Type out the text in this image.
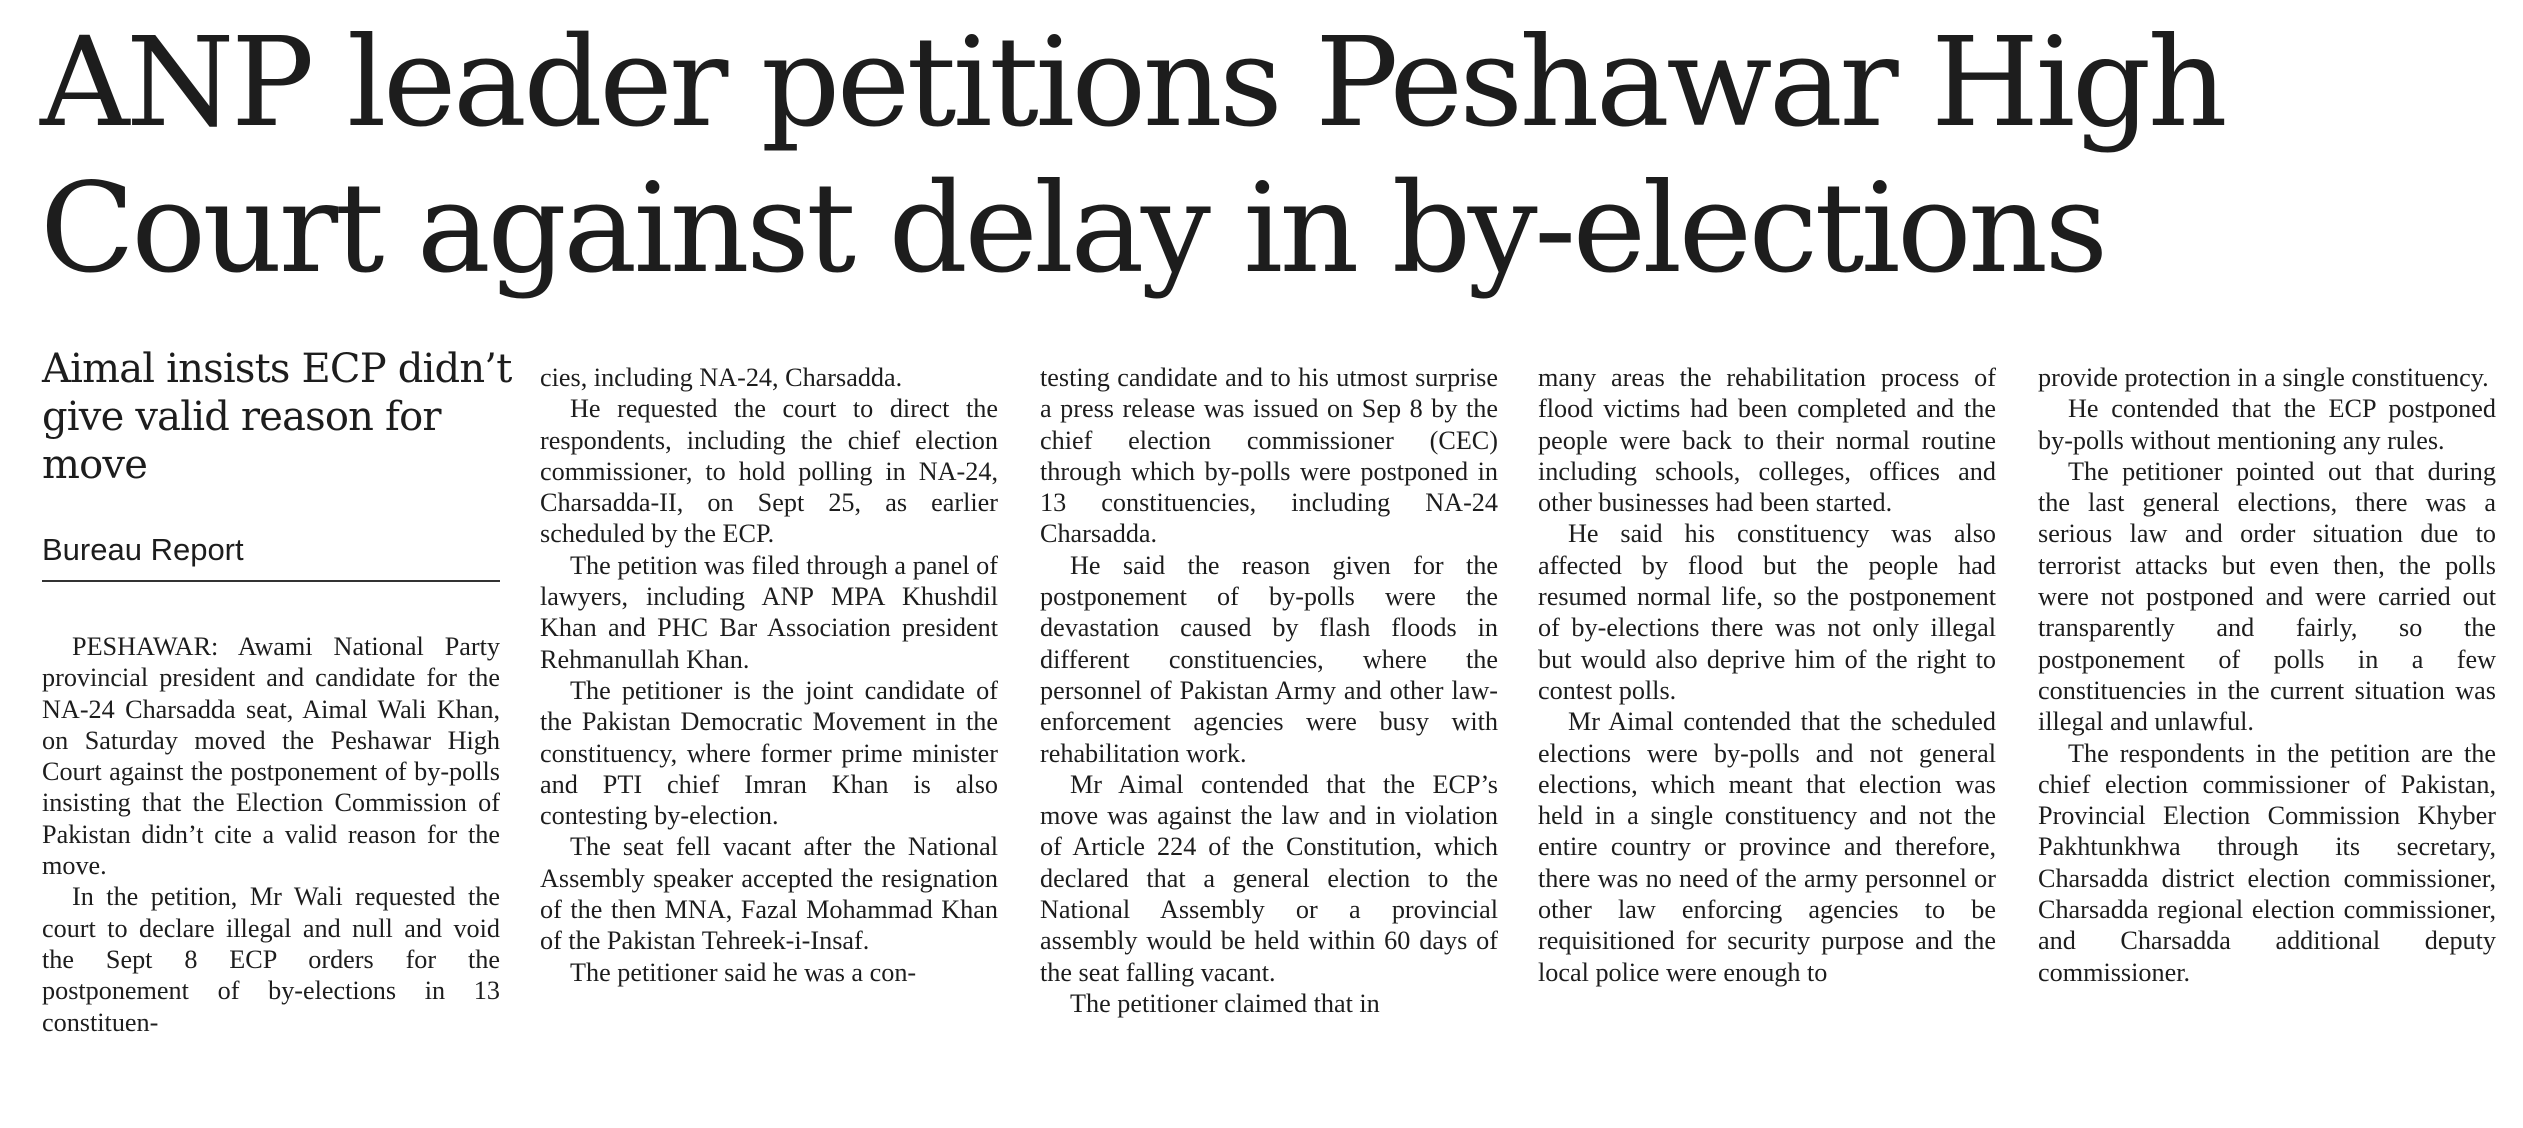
ANP leader petitions Peshawar High Court against delay in by-elections
Aimal insists ECP didn’t give valid reason for move
Bureau Report

PESHAWAR: Awami National Party provincial president and candidate for the NA-24 Charsadda seat, Aimal Wali Khan, on Saturday moved the Peshawar High Court against the postponement of by-polls insisting that the Election Commission of Pakistan didn’t cite a valid reason for the move.

In the petition, Mr Wali requested the court to declare illegal and null and void the Sept 8 ECP orders for the postponement of by-elections in 13 constituen-

cies, including NA-24, Charsadda.

He requested the court to direct the respondents, including the chief election commissioner, to hold polling in NA-24, Charsadda-II, on Sept 25, as earlier scheduled by the ECP.

The petition was filed through a panel of lawyers, including ANP MPA Khushdil Khan and PHC Bar Association president Rehmanullah Khan.

The petitioner is the joint candidate of the Pakistan Democratic Movement in the constituency, where former prime minister and PTI chief Imran Khan is also contesting by-election.

The seat fell vacant after the National Assembly speaker accepted the resignation of the then MNA, Fazal Mohammad Khan of the Pakistan Tehreek-i-Insaf.

The petitioner said he was a con-

testing candidate and to his utmost surprise a press release was issued on Sep 8 by the chief election commissioner (CEC) through which by-polls were postponed in 13 constituencies, including NA-24 Charsadda.

He said the reason given for the postponement of by-polls were the devastation caused by flash floods in different constituencies, where the personnel of Pakistan Army and other law-enforcement agencies were busy with rehabilitation work.

Mr Aimal contended that the ECP’s move was against the law and in violation of Article 224 of the Constitution, which declared that a general election to the National Assembly or a provincial assembly would be held within 60 days of the seat falling vacant.

The petitioner claimed that in

many areas the rehabilitation process of flood victims had been completed and the people were back to their normal routine including schools, colleges, offices and other businesses had been started.

He said his constituency was also affected by flood but the people had resumed normal life, so the postponement of by-elections there was not only illegal but would also deprive him of the right to contest polls.

Mr Aimal contended that the scheduled elections were by-polls and not general elections, which meant that election was held in a single constituency and not the entire country or province and therefore, there was no need of the army personnel or other law enforcing agencies to be requisitioned for security purpose and the local police were enough to

provide protection in a single constituency.

He contended that the ECP postponed by-polls without mentioning any rules.

The petitioner pointed out that during the last general elections, there was a serious law and order situation due to terrorist attacks but even then, the polls were not postponed and were carried out transparently and fairly, so the postponement of polls in a few constituencies in the current situation was illegal and unlawful.

The respondents in the petition are the chief election commissioner of Pakistan, Provincial Election Commission Khyber Pakhtunkhwa through its secretary, Charsadda district election commissioner, Charsadda regional election commissioner, and Charsadda additional deputy commissioner.
